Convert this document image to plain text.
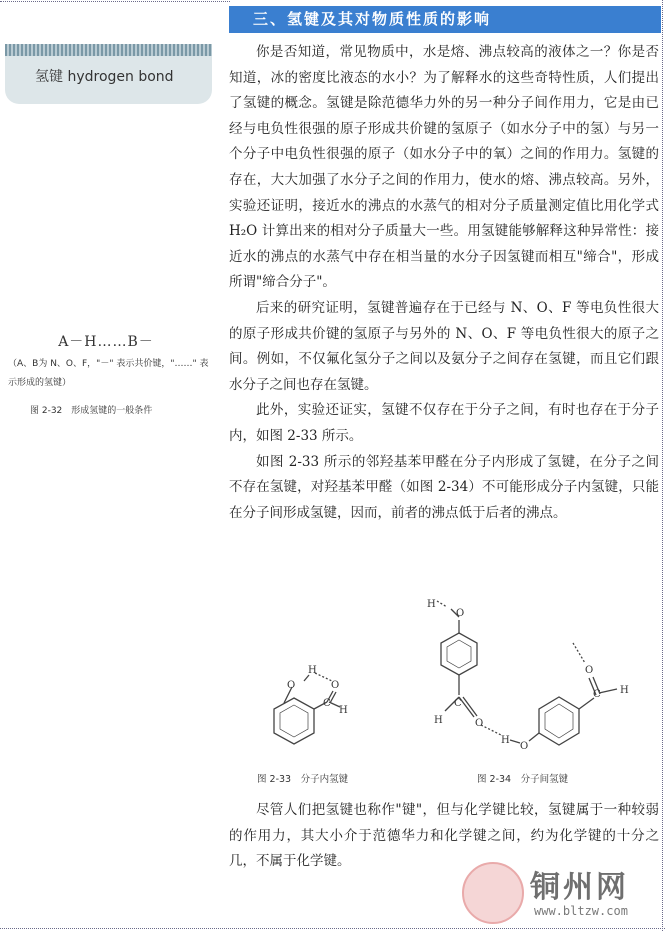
三、氢键及其对物质性质的影响
氢键 hydrogen bond
A－H……B－
（A、B为 N、O、F，"－" 表示共价键，"……" 表示形成的氢键）
图 2-32　形成氢键的一般条件

你是否知道，常见物质中，水是熔、沸点较高的液体之一？你是否知道，冰的密度比液态的水小？为了解释水的这些奇特性质，人们提出了氢键的概念。氢键是除范德华力外的另一种分子间作用力，它是由已经与电负性很强的原子形成共价键的氢原子（如水分子中的氢）与另一个分子中电负性很强的原子（如水分子中的氧）之间的作用力。氢键的存在，大大加强了水分子之间的作用力，使水的熔、沸点较高。另外，实验还证明，接近水的沸点的水蒸气的相对分子质量测定值比用化学式 H₂O 计算出来的相对分子质量大一些。用氢键能够解释这种异常性：接近水的沸点的水蒸气中存在相当量的水分子因氢键而相互"缔合"，形成所谓"缔合分子"。

后来的研究证明，氢键普遍存在于已经与 N、O、F 等电负性很大的原子形成共价键的氢原子与另外的 N、O、F 等电负性很大的原子之间。例如，不仅氟化氢分子之间以及氨分子之间存在氢键，而且它们跟水分子之间也存在氢键。

此外，实验还证实，氢键不仅存在于分子之间，有时也存在于分子内，如图 2-33 所示。

如图 2-33 所示的邻羟基苯甲醛在分子内形成了氢键，在分子之间不存在氢键，对羟基苯甲醛（如图 2-34）不可能形成分子内氢键，只能在分子间形成氢键，因而，前者的沸点低于后者的沸点。

O
H
O
C
H
H
O
C
H	O
H
O
C
O
H
图 2-33　分子内氢键	图 2-34　分子间氢键

尽管人们把氢键也称作"键"，但与化学键比较，氢键属于一种较弱的作用力，其大小介于范德华力和化学键之间，约为化学键的十分之几，不属于化学键。

铜州网
www.bltzw.com
